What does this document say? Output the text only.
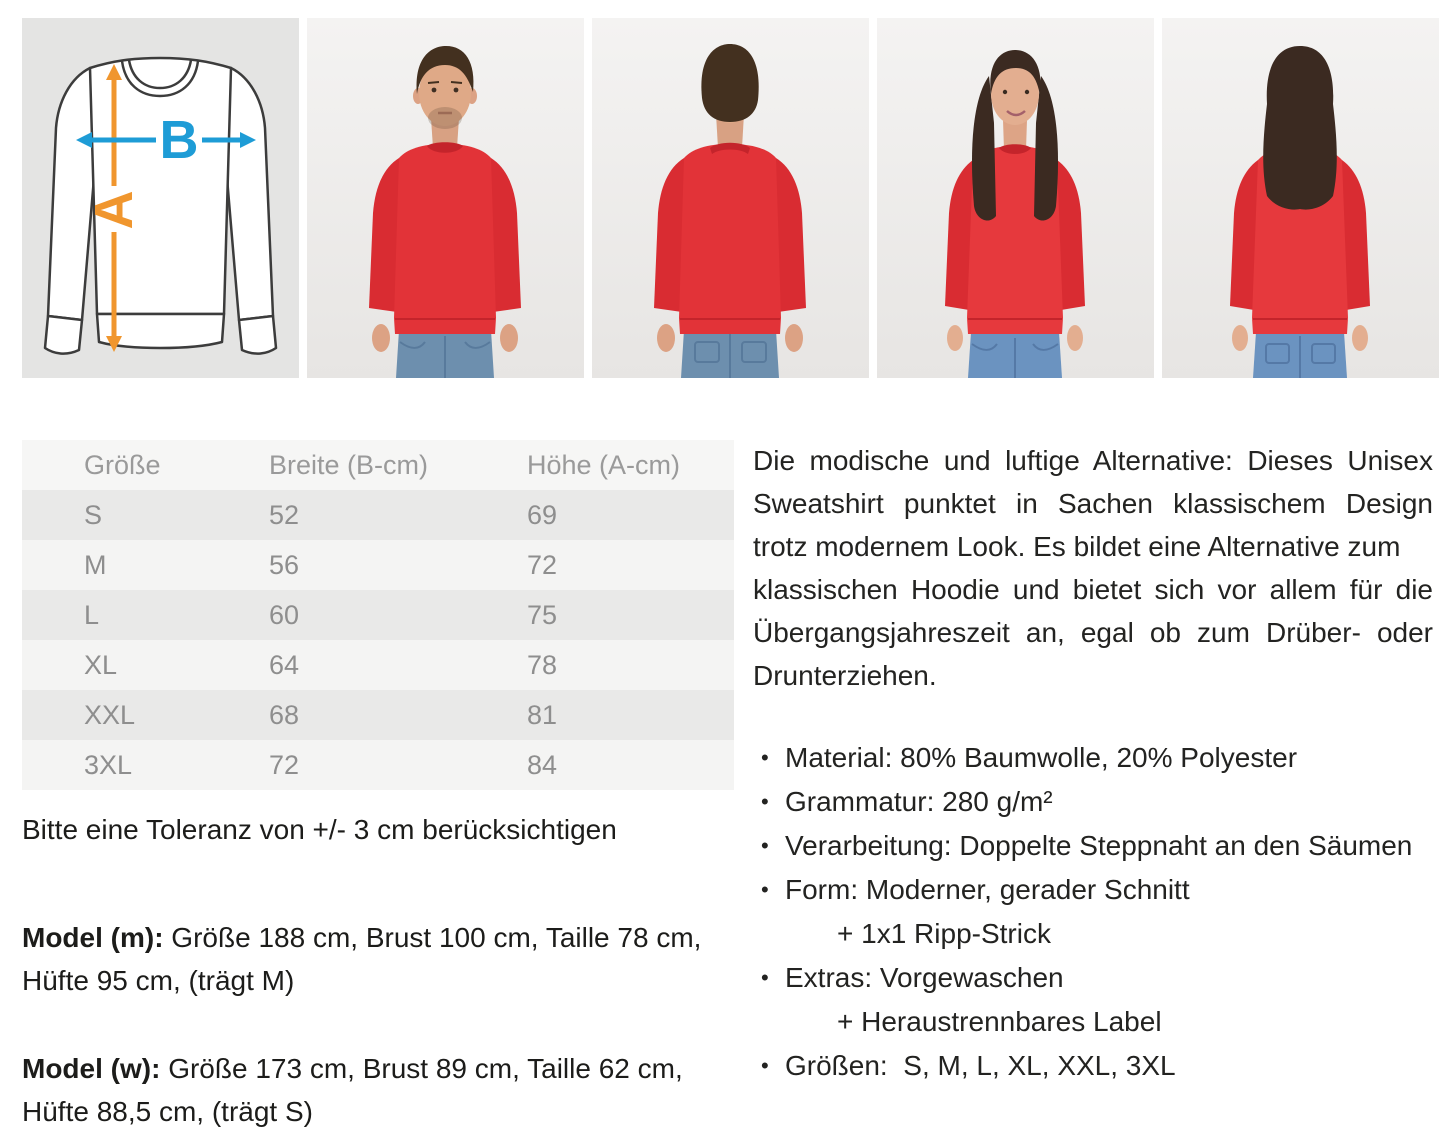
A
B
Größe	Breite (B-cm)	Höhe (A-cm)
S	52	69
M	56	72
L	60	75
XL	64	78
XXL	68	81
3XL	72	84
Bitte eine Toleranz von +/- 3 cm berücksichtigen
Model (m): Größe 188 cm, Brust 100 cm, Taille 78 cm, Hüfte 95 cm, (trägt M)
Model (w): Größe 173 cm, Brust 89 cm, Taille 62 cm, Hüfte 88,5 cm, (trägt S)
Die modische und luftige Alternative: Dieses Unisex Sweatshirt punktet in Sachen klassischem Design trotz modernem Look. Es bildet eine Alternative zum
klassischen Hoodie und bietet sich vor allem für die Übergangsjahreszeit an, egal ob zum Drüber- oder Drunterziehen.
• Material: 80% Baumwolle, 20% Polyester
• Grammatur: 280 g/m²
• Verarbeitung: Doppelte Steppnaht an den Säumen
• Form: Moderner, gerader Schnitt
+ 1x1 Ripp-Strick
• Extras: Vorgewaschen
+ Heraustrennbares Label
• Größen:  S, M, L, XL, XXL, 3XL
